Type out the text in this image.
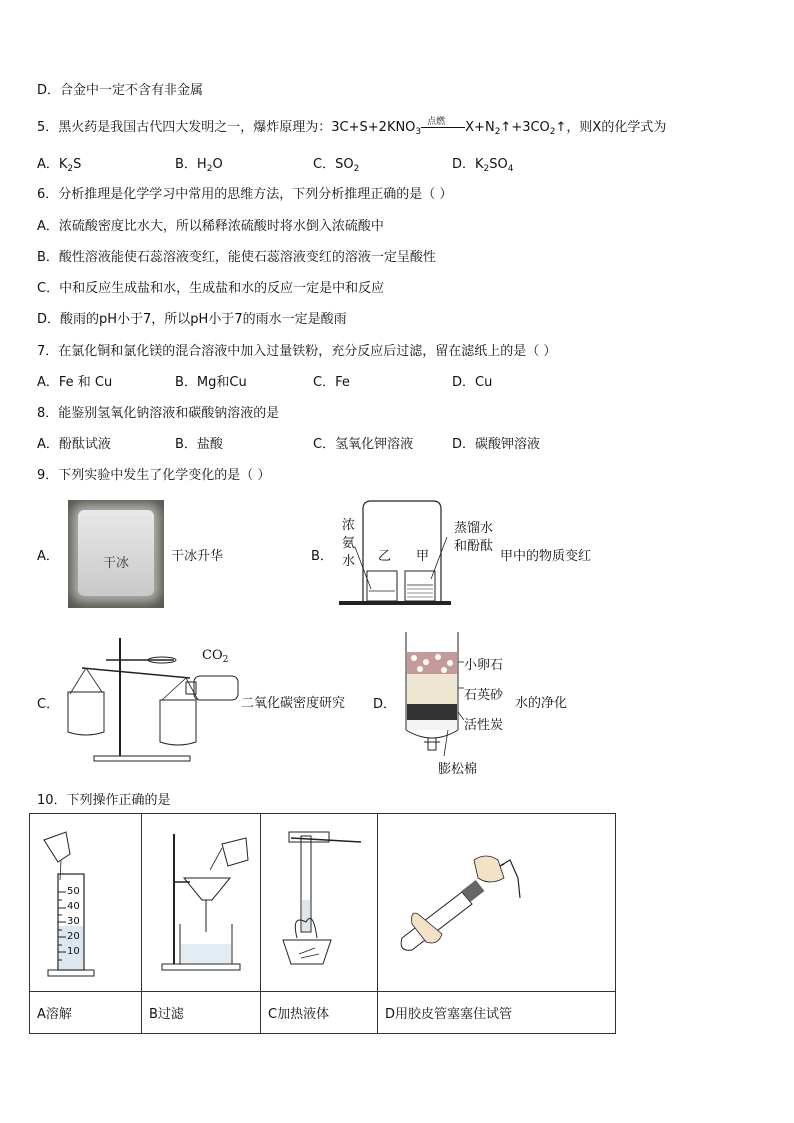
D．合金中一定不含有非金属
5．黑火药是我国古代四大发明之一，爆炸原理为：$3C+S+2KNO_3$
点燃 $X+N_2↑+3CO_2↑$，则X的化学式为
A．$K_2S$	B．$H_2O$	C．$SO_2$	D．$K_2SO_4$
6．分析推理是化学学习中常用的思维方法，下列分析推理正确的是（ ）
A．浓硫酸密度比水大，所以稀释浓硫酸时将水倒入浓硫酸中
B．酸性溶液能使石蕊溶液变红，能使石蕊溶液变红的溶液一定呈酸性
C．中和反应生成盐和水，生成盐和水的反应一定是中和反应
D．酸雨的pH小于7，所以pH小于7的雨水一定是酸雨
7．在氯化铜和氯化镁的混合溶液中加入过量铁粉，充分反应后过滤，留在滤纸上的是（ ）
A．Fe 和 Cu	B．Mg和Cu	C．Fe	D．Cu
8．能鉴别氢氧化钠溶液和碳酸钠溶液的是
A．酚酞试液	B．盐酸	C．氢氧化钾溶液	D．碳酸钾溶液
9．下列实验中发生了化学变化的是（ ）
A．	干冰	干冰升华	B．
浓
氨
水 乙 甲
蒸馏水
和酚酞
甲中的物质变红
C．
$CO_2$
二氧化碳密度研究 D．
小卵石
石英砂
活性炭
膨松棉
水的净化
10．下列操作正确的是
50
40
30
20
10

A溶解	B过滤	C加热液体	D用胶皮管塞塞住试管
